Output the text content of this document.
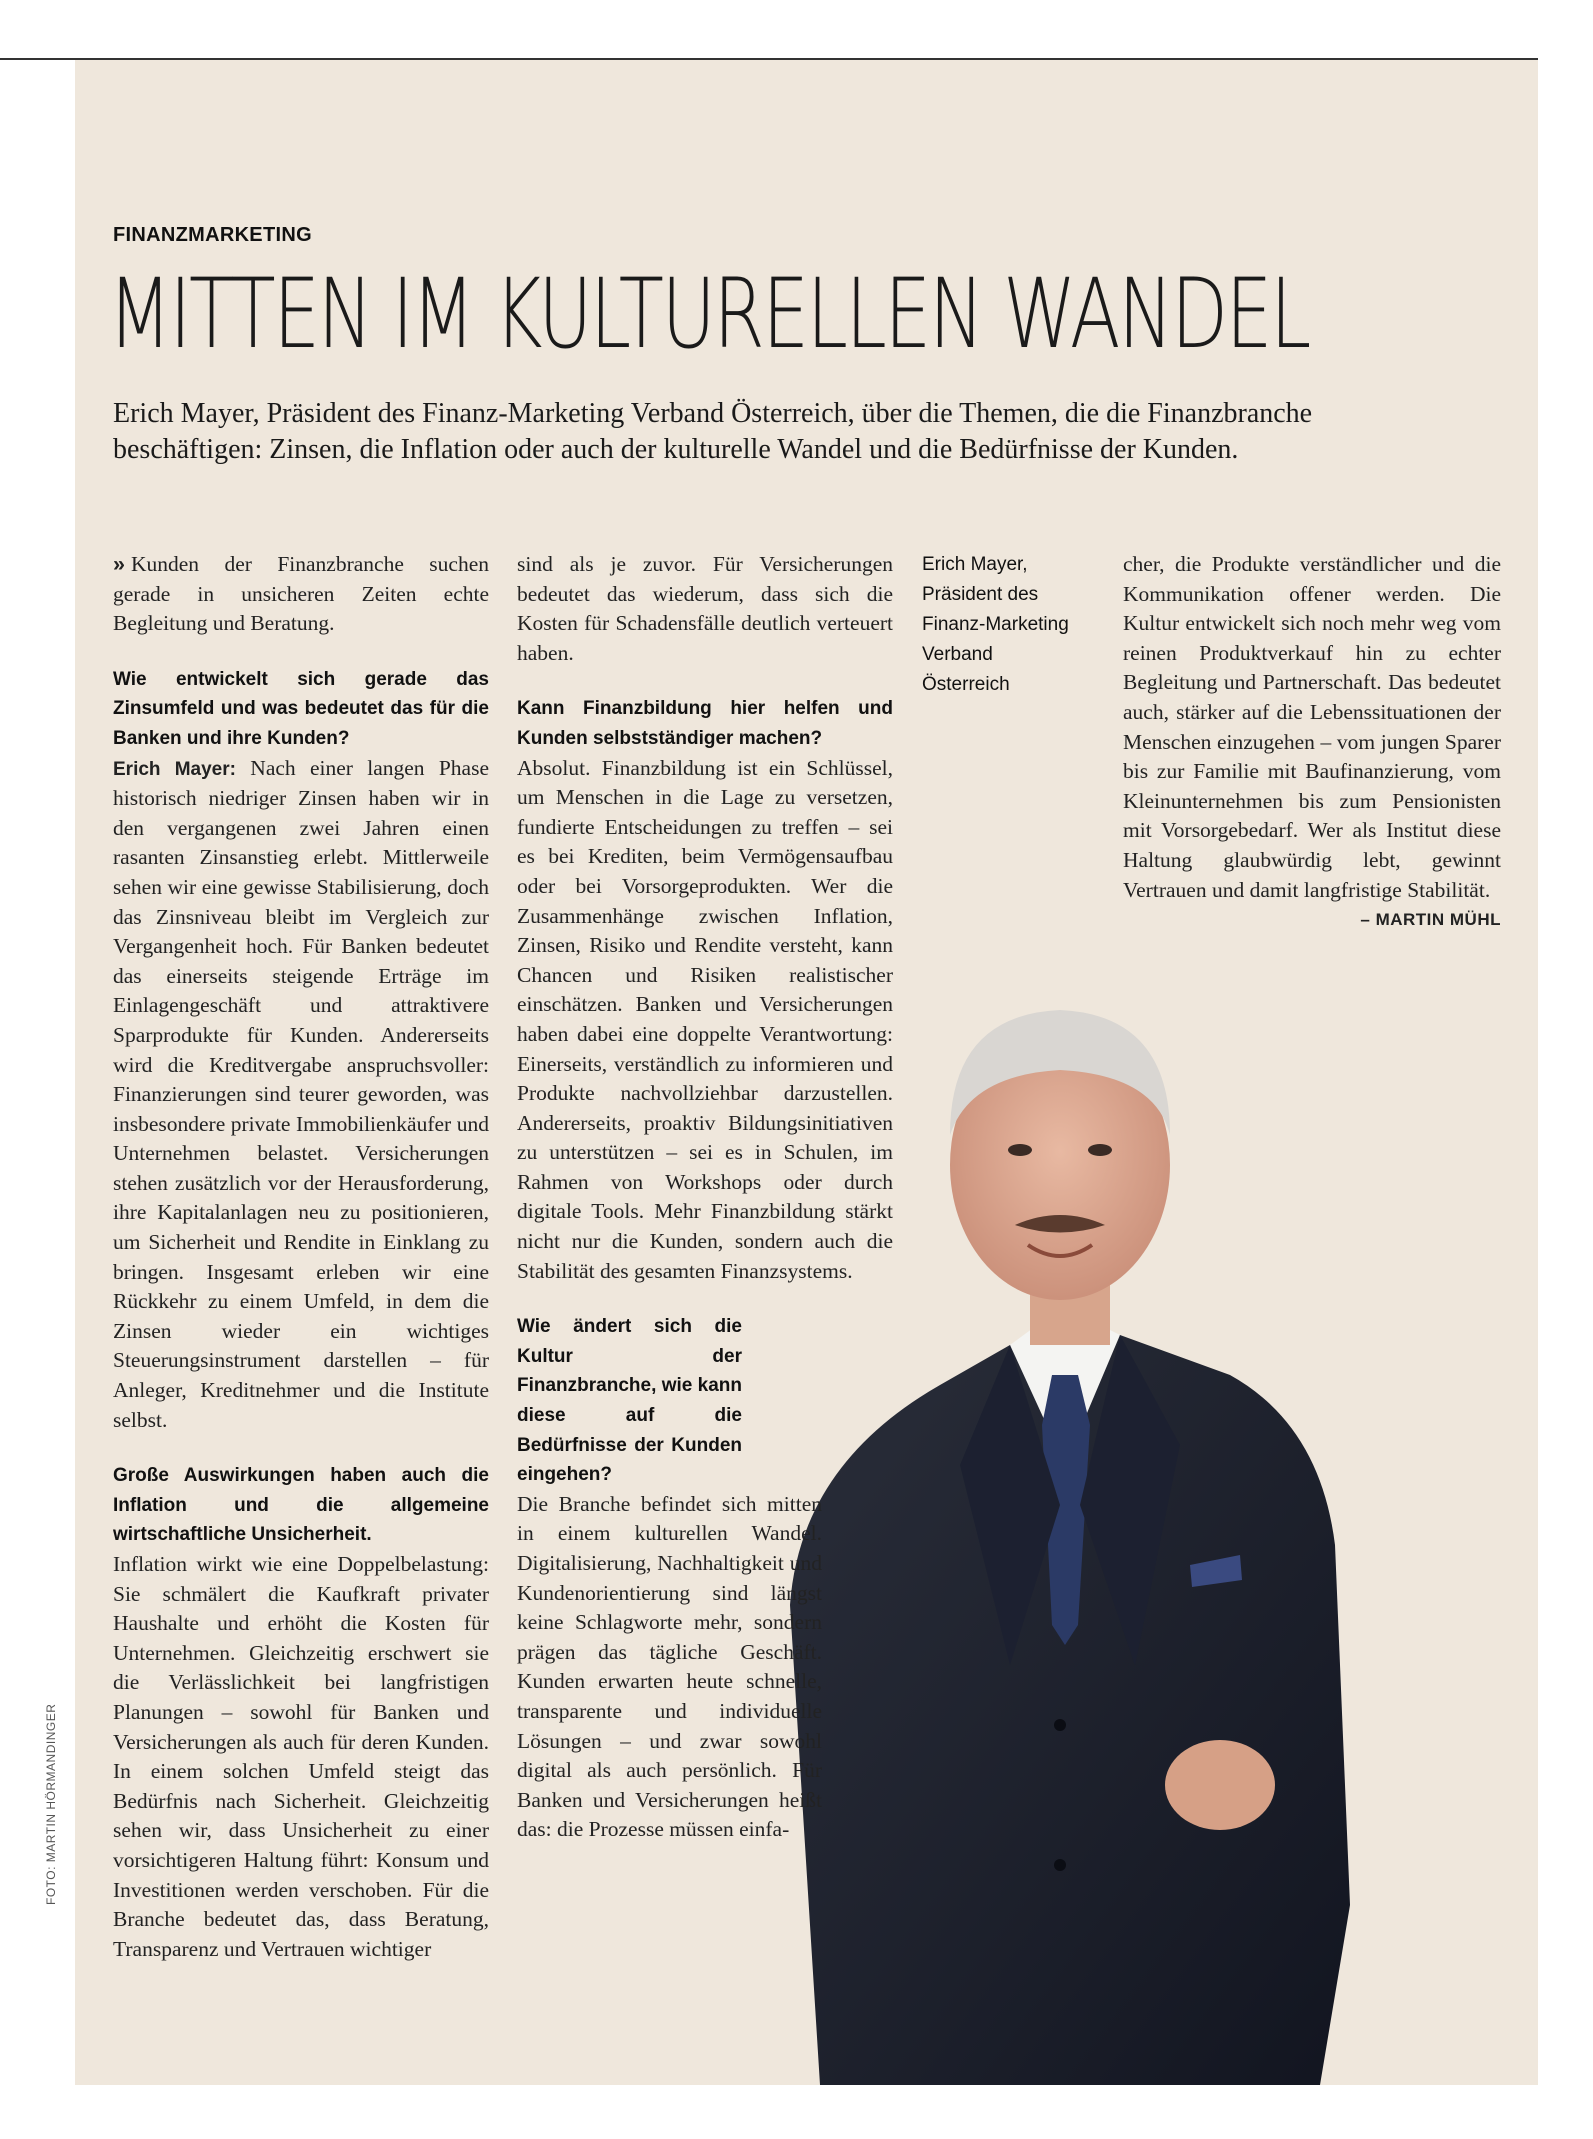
FOTO: MARTIN HÖRMANDINGER
FINANZMARKETING
MITTEN IM KULTURELLEN WANDEL
Erich Mayer, Präsident des Finanz-Marketing Verband Österreich, über die Themen, die die Finanzbranche beschäftigen: Zinsen, die Inflation oder auch der kulturelle Wandel und die Bedürfnisse der Kunden.

» Kunden der Finanzbranche suchen gerade in unsicheren Zeiten echte Begleitung und Beratung.

Wie entwickelt sich gerade das Zinsumfeld und was bedeutet das für die Banken und ihre Kunden?

Erich Mayer: Nach einer langen Phase historisch niedriger Zinsen haben wir in den vergangenen zwei Jahren einen rasanten Zinsanstieg erlebt. Mittlerweile sehen wir eine gewisse Stabilisierung, doch das Zinsniveau bleibt im Vergleich zur Vergangenheit hoch. Für Banken bedeutet das einerseits steigende Erträge im Einlagengeschäft und attraktivere Sparprodukte für Kunden. Andererseits wird die Kreditvergabe anspruchsvoller: Finanzierungen sind teurer geworden, was insbesondere private Immobilienkäufer und Unternehmen belastet. Versicherungen stehen zusätzlich vor der Herausforderung, ihre Kapitalanlagen neu zu positionieren, um Sicherheit und Rendite in Einklang zu bringen. Insgesamt erleben wir eine Rückkehr zu einem Umfeld, in dem die Zinsen wieder ein wichtiges Steuerungsinstrument darstellen – für Anleger, Kreditnehmer und die Institute selbst.

Große Auswirkungen haben auch die Inflation und die allgemeine wirtschaftliche Unsicherheit.

Inflation wirkt wie eine Doppelbelastung: Sie schmälert die Kaufkraft privater Haushalte und erhöht die Kosten für Unternehmen. Gleichzeitig erschwert sie die Verlässlichkeit bei langfristigen Planungen – sowohl für Banken und Versicherungen als auch für deren Kunden. In einem solchen Umfeld steigt das Bedürfnis nach Sicherheit. Gleichzeitig sehen wir, dass Unsicherheit zu einer vorsichtigeren Haltung führt: Konsum und Investitionen werden verschoben. Für die Branche bedeutet das, dass Beratung, Transparenz und Vertrauen wichtiger

sind als je zuvor. Für Versicherungen bedeutet das wiederum, dass sich die Kosten für Schadensfälle deutlich verteuert haben.

Kann Finanzbildung hier helfen und Kunden selbstständiger machen?

Absolut. Finanzbildung ist ein Schlüssel, um Menschen in die Lage zu versetzen, fundierte Entscheidungen zu treffen – sei es bei Krediten, beim Vermögensaufbau oder bei Vorsorgeprodukten. Wer die Zusammenhänge zwischen Inflation, Zinsen, Risiko und Rendite versteht, kann Chancen und Risiken realistischer einschätzen. Banken und Versicherungen haben dabei eine doppelte Verantwortung: Einerseits, verständlich zu informieren und Produkte nachvollziehbar darzustellen. Andererseits, proaktiv Bildungsinitiativen zu unterstützen – sei es in Schulen, im Rahmen von Workshops oder durch digitale Tools. Mehr Finanzbildung stärkt nicht nur die Kunden, sondern auch die Stabilität des gesamten Finanzsystems.

Wie ändert sich die Kultur der Finanzbranche, wie kann diese auf die Bedürfnisse der Kunden eingehen?

Die Branche befindet sich mitten in einem kulturellen Wandel. Digitalisierung, Nachhaltigkeit und Kundenorientierung sind längst keine Schlagworte mehr, sondern prägen das tägliche Geschäft. Kunden erwarten heute schnelle, transparente und individuelle Lösungen – und zwar sowohl digital als auch persönlich. Für Banken und Versicherungen heißt das: die Prozesse müssen einfa-

Erich Mayer,
Präsident des
Finanz-Marketing
Verband
Österreich

cher, die Produkte verständlicher und die Kommunikation offener werden. Die Kultur entwickelt sich noch mehr weg vom reinen Produktverkauf hin zu echter Begleitung und Partnerschaft. Das bedeutet auch, stärker auf die Lebenssituationen der Menschen einzugehen – vom jungen Sparer bis zur Familie mit Baufinanzierung, vom Kleinunternehmen bis zum Pensionisten mit Vorsorgebedarf. Wer als Institut diese Haltung glaubwürdig lebt, gewinnt Vertrauen und damit langfristige Stabilität.

– MARTIN MÜHL
